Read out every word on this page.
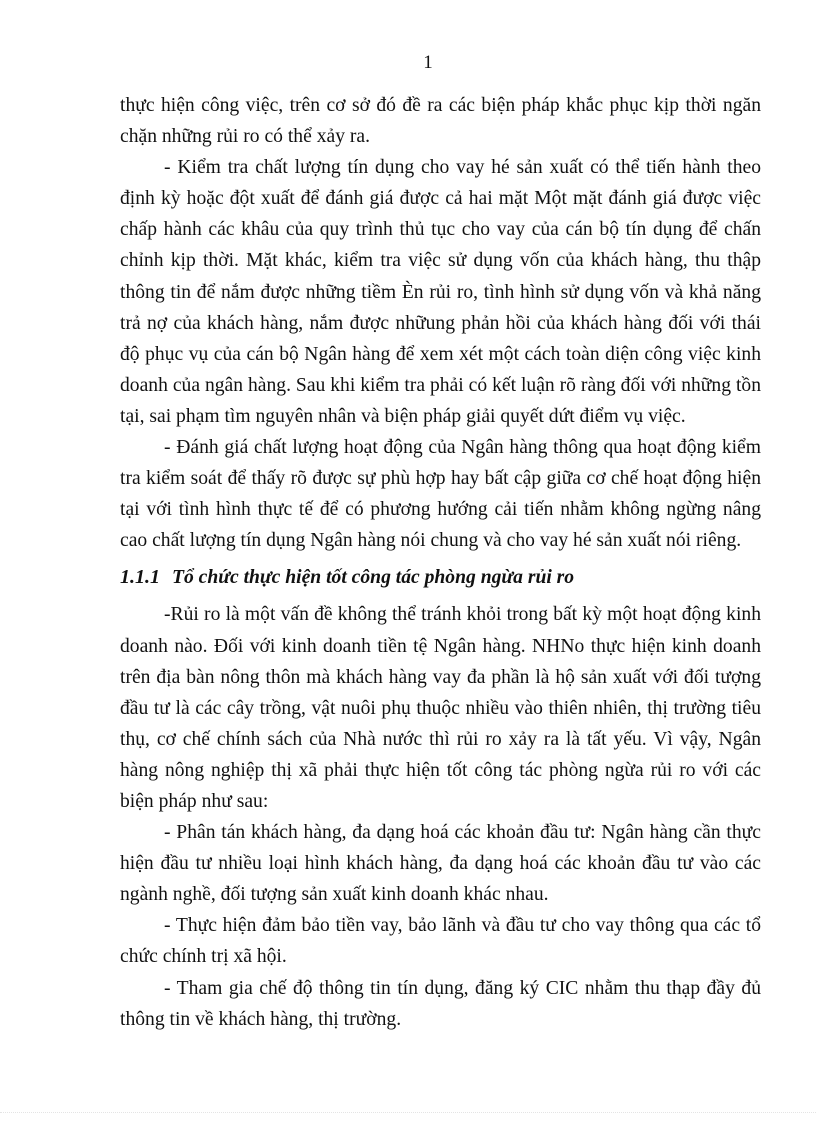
1

thực hiện công việc, trên cơ sở đó đề ra các biện pháp khắc phục kịp thời ngăn chặn những rủi ro có thể xảy ra.

- Kiểm tra chất lượng tín dụng cho vay hé sản xuất có thể tiến hành theo định kỳ hoặc đột xuất để đánh giá được cả hai mặt Một mặt đánh giá được việc chấp hành các khâu của quy trình thủ tục cho vay của cán bộ tín dụng để chấn chỉnh kịp thời. Mặt khác, kiểm tra việc sử dụng vốn của khách hàng, thu thập thông tin để nắm được những tiềm Èn rủi ro, tình hình sử dụng vốn và khả năng trả nợ của khách hàng, nắm được nhữung phản hồi của khách hàng đối với thái độ phục vụ của cán bộ Ngân hàng để xem xét một cách toàn diện công việc kinh doanh của ngân hàng. Sau khi kiểm tra phải có kết luận rõ ràng đối với những tồn tại, sai phạm tìm nguyên nhân và biện pháp giải quyết dứt điểm vụ việc.

- Đánh giá chất lượng hoạt động của Ngân hàng thông qua hoạt động kiểm tra kiểm soát để thấy rõ được sự phù hợp hay bất cập giữa cơ chế hoạt động hiện tại với tình hình thực tế để có phương hướng cải tiến nhằm không ngừng nâng cao chất lượng tín dụng Ngân hàng nói chung và cho vay hé sản xuất nói riêng.

1.1.1 Tổ chức thực hiện tốt công tác phòng ngừa rủi ro

-Rủi ro là một vấn đề không thể tránh khỏi trong bất kỳ một hoạt động kinh doanh nào. Đối với kinh doanh tiền tệ Ngân hàng. NHNo thực hiện kinh doanh trên địa bàn nông thôn mà khách hàng vay đa phần là hộ sản xuất với đối tượng đầu tư là các cây trồng, vật nuôi phụ thuộc nhiều vào thiên nhiên, thị trường tiêu thụ, cơ chế chính sách của Nhà nước thì rủi ro xảy ra là tất yếu. Vì vậy, Ngân hàng nông nghiệp thị xã phải thực hiện tốt công tác phòng ngừa rủi ro với các biện pháp như sau:

- Phân tán khách hàng, đa dạng hoá các khoản đầu tư: Ngân hàng cần thực hiện đầu tư nhiều loại hình khách hàng, đa dạng hoá các khoản đầu tư vào các ngành nghề, đối tượng sản xuất kinh doanh khác nhau.

- Thực hiện đảm bảo tiền vay, bảo lãnh và đầu tư cho vay thông qua các tổ chức chính trị xã hội.

- Tham gia chế độ thông tin tín dụng, đăng ký CIC nhằm thu thạp đầy đủ thông tin về khách hàng, thị trường.
